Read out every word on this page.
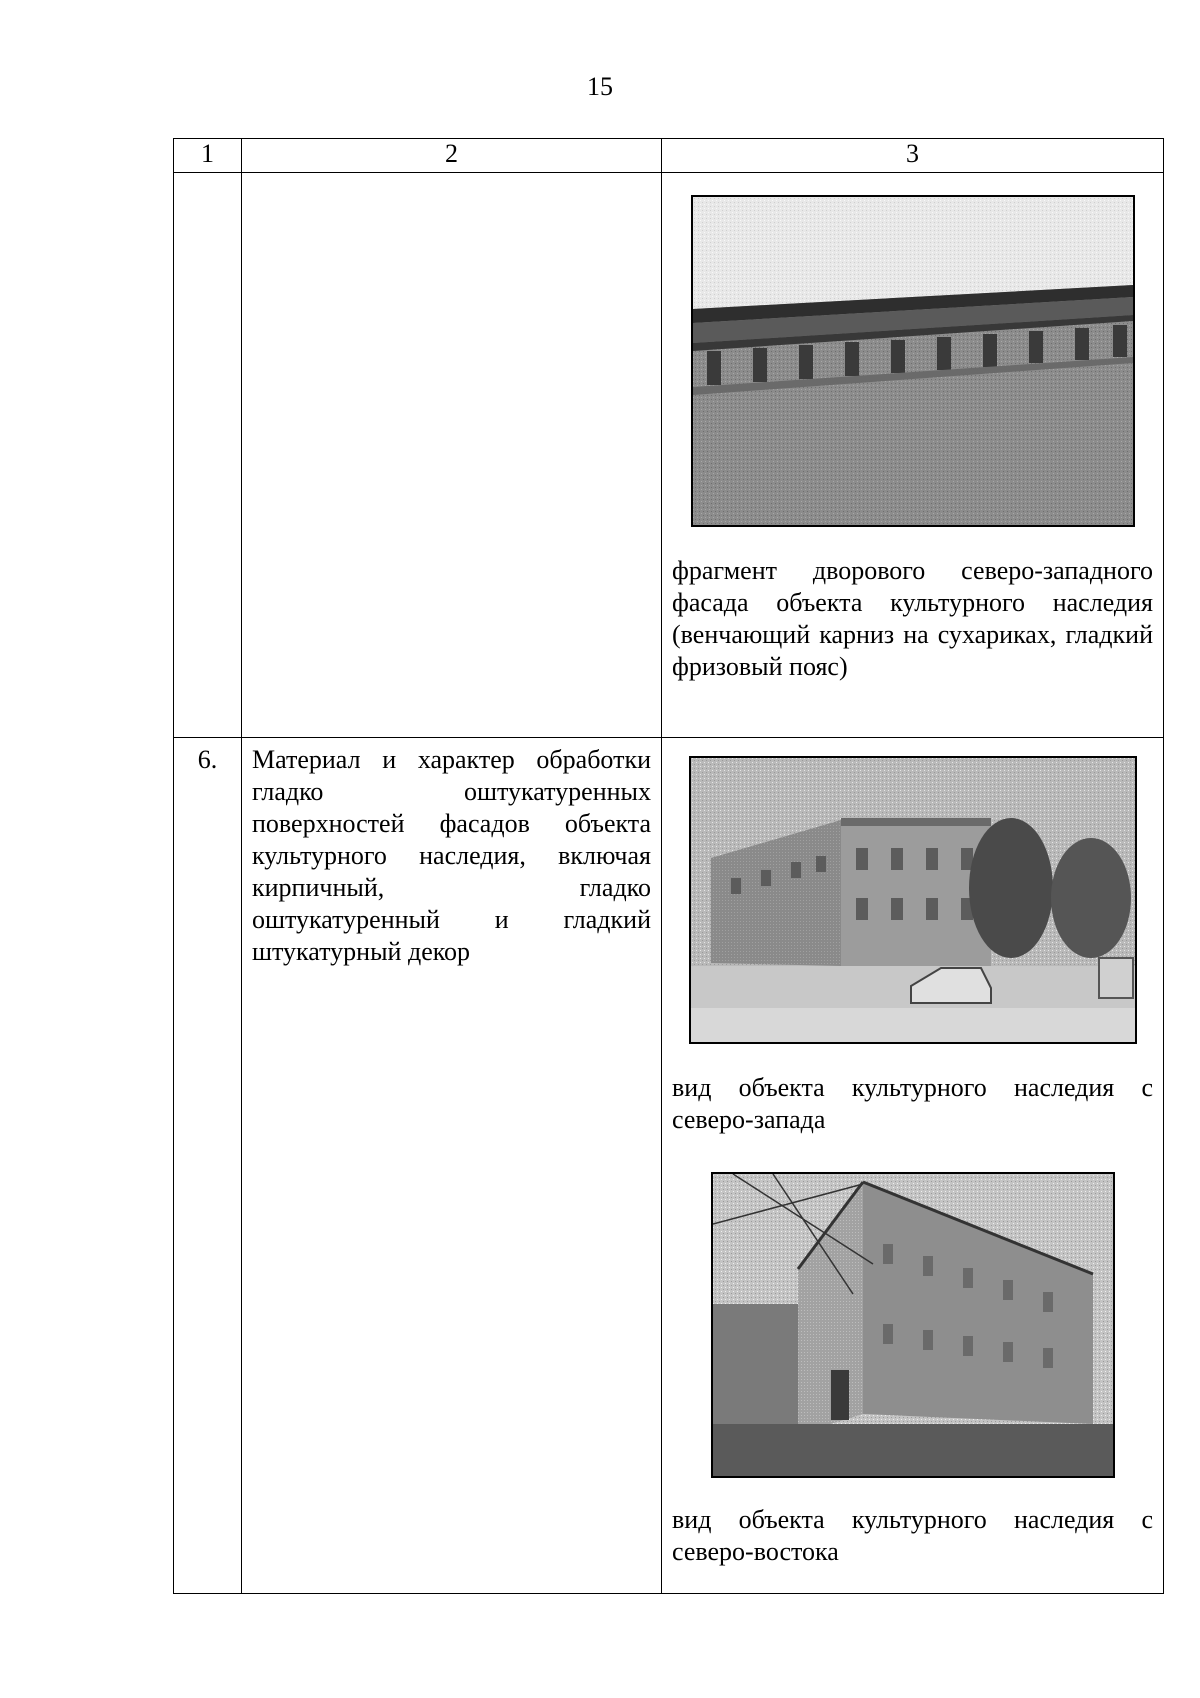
15
1	2	3

		фрагмент дворового северо-западного фасада объекта культурного наследия (венчающий карниз на сухариках, гладкий фризовый пояс)

6.	Материал и характер обработки гладко оштукатуренных поверхностей фасадов объекта культурного наследия, включая кирпичный, гладко оштукатуренный и гладкий штукатурный декор	вид объекта культурного наследия с северо-запада
вид объекта культурного наследия с северо-востока
